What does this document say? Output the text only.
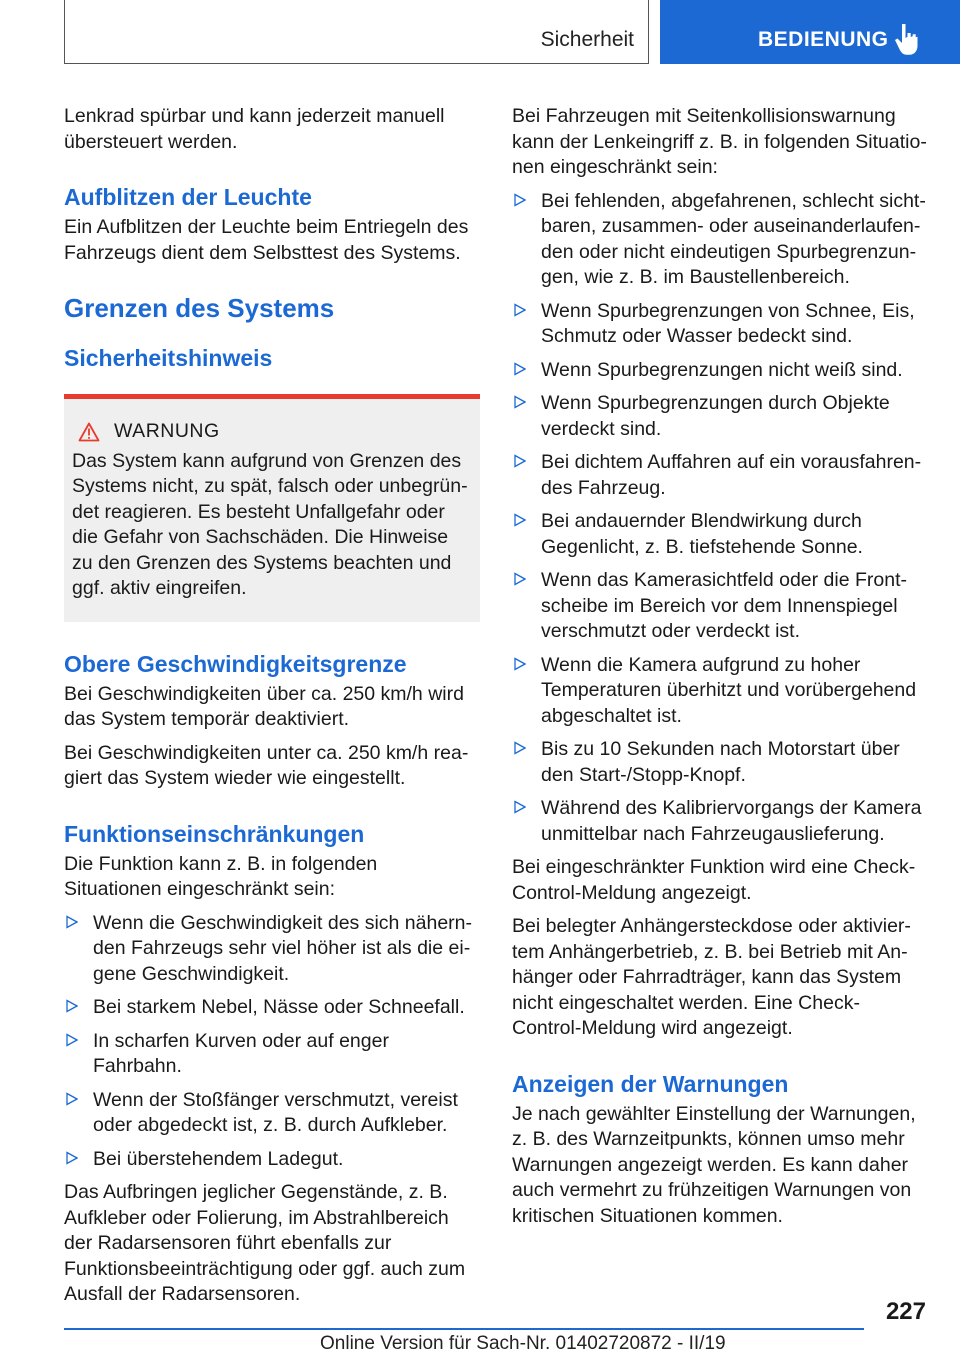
Sicherheit	BEDIENUNG

Lenkrad spürbar und kann jederzeit manuell übersteuert werden.

Aufblitzen der Leuchte

Ein Aufblitzen der Leuchte beim Entriegeln des Fahrzeugs dient dem Selbsttest des Systems.

Grenzen des Systems
Sicherheitshinweis
WARNUNG
Das System kann aufgrund von Grenzen des Systems nicht, zu spät, falsch oder unbegründet reagieren. Es besteht Unfallgefahr oder die Gefahr von Sachschäden. Die Hinweise zu den Grenzen des Systems beachten und ggf. aktiv eingreifen.
Obere Geschwindigkeitsgrenze

Bei Geschwindigkeiten über ca. 250 km/h wird das System temporär deaktiviert.

Bei Geschwindigkeiten unter ca. 250 km/h reagiert das System wieder wie eingestellt.

Funktionseinschränkungen

Die Funktion kann z. B. in folgenden Situationen eingeschränkt sein:

Wenn die Geschwindigkeit des sich nähernden Fahrzeugs sehr viel höher ist als die eigene Geschwindigkeit.
Bei starkem Nebel, Nässe oder Schneefall.
In scharfen Kurven oder auf enger Fahrbahn.
Wenn der Stoßfänger verschmutzt, vereist oder abgedeckt ist, z. B. durch Aufkleber.
Bei überstehendem Ladegut.

Das Aufbringen jeglicher Gegenstände, z. B. Aufkleber oder Folierung, im Abstrahlbereich der Radarsensoren führt ebenfalls zur Funktionsbeeinträchtigung oder ggf. auch zum Ausfall der Radarsensoren.

Bei Fahrzeugen mit Seitenkollisionswarnung kann der Lenkeingriff z. B. in folgenden Situationen eingeschränkt sein:

Bei fehlenden, abgefahrenen, schlecht sichtbaren, zusammen- oder auseinanderlaufenden oder nicht eindeutigen Spurbegrenzungen, wie z. B. im Baustellenbereich.
Wenn Spurbegrenzungen von Schnee, Eis, Schmutz oder Wasser bedeckt sind.
Wenn Spurbegrenzungen nicht weiß sind.
Wenn Spurbegrenzungen durch Objekte verdeckt sind.
Bei dichtem Auffahren auf ein vorausfahrendes Fahrzeug.
Bei andauernder Blendwirkung durch Gegenlicht, z. B. tiefstehende Sonne.
Wenn das Kamerasichtfeld oder die Frontscheibe im Bereich vor dem Innenspiegel verschmutzt oder verdeckt ist.
Wenn die Kamera aufgrund zu hoher Temperaturen überhitzt und vorübergehend abgeschaltet ist.
Bis zu 10 Sekunden nach Motorstart über den Start-/Stopp-Knopf.
Während des Kalibriervorgangs der Kamera unmittelbar nach Fahrzeugauslieferung.

Bei eingeschränkter Funktion wird eine Check-Control-Meldung angezeigt.

Bei belegter Anhängersteckdose oder aktiviertem Anhängerbetrieb, z. B. bei Betrieb mit Anhänger oder Fahrradträger, kann das System nicht eingeschaltet werden. Eine Check-Control-Meldung wird angezeigt.

Anzeigen der Warnungen

Je nach gewählter Einstellung der Warnungen, z. B. des Warnzeitpunkts, können umso mehr Warnungen angezeigt werden. Es kann daher auch vermehrt zu frühzeitigen Warnungen von kritischen Situationen kommen.

227
Online Version für Sach-Nr. 01402720872 - II/19
